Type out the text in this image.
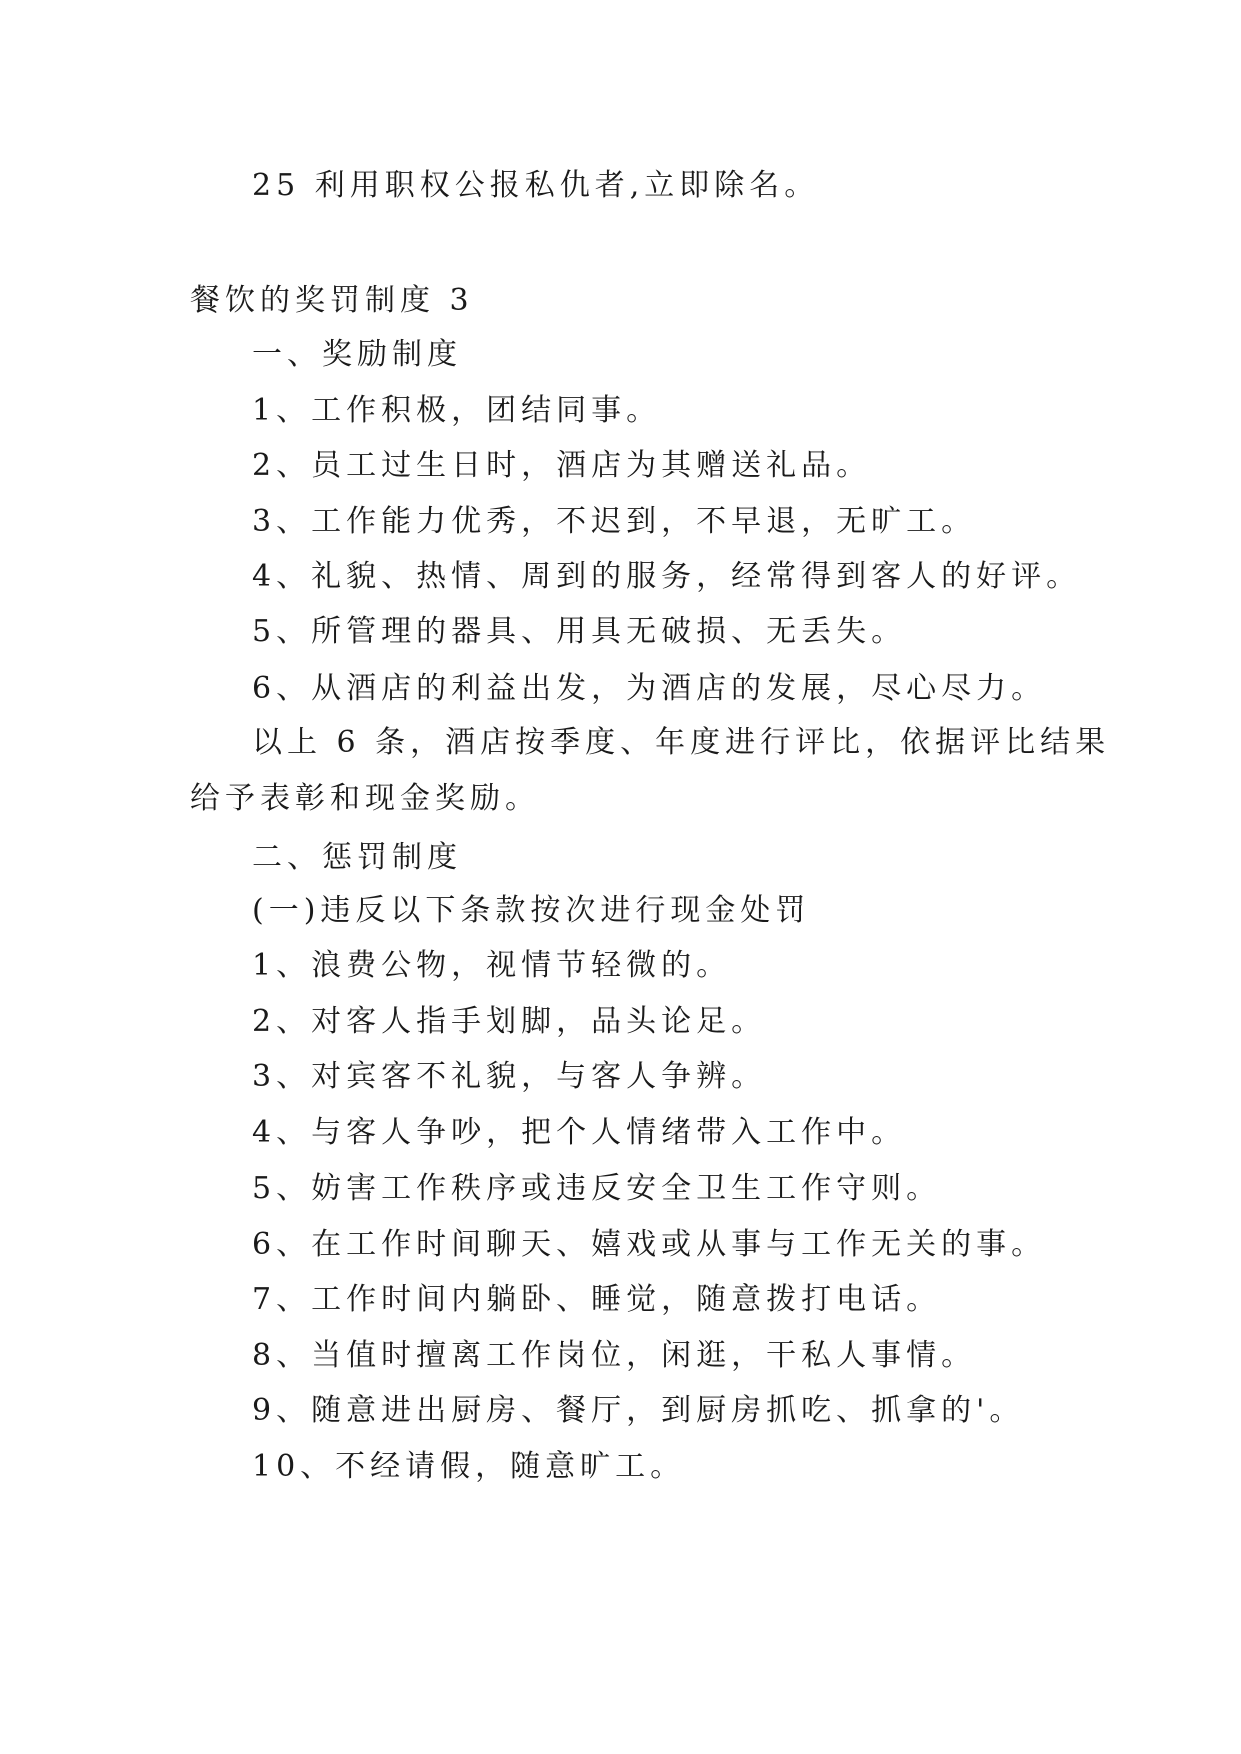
25 利用职权公报私仇者,立即除名。
餐饮的奖罚制度 3
一、奖励制度
1、工作积极，团结同事。
2、员工过生日时，酒店为其赠送礼品。
3、工作能力优秀，不迟到，不早退，无旷工。
4、礼貌、热情、周到的服务，经常得到客人的好评。
5、所管理的器具、用具无破损、无丢失。
6、从酒店的利益出发，为酒店的发展，尽心尽力。
以上 6 条，酒店按季度、年度进行评比，依据评比结果
给予表彰和现金奖励。
二、惩罚制度
(一)违反以下条款按次进行现金处罚
1、浪费公物，视情节轻微的。
2、对客人指手划脚，品头论足。
3、对宾客不礼貌，与客人争辨。
4、与客人争吵，把个人情绪带入工作中。
5、妨害工作秩序或违反安全卫生工作守则。
6、在工作时间聊天、嬉戏或从事与工作无关的事。
7、工作时间内躺卧、睡觉，随意拨打电话。
8、当值时擅离工作岗位，闲逛，干私人事情。
9、随意进出厨房、餐厅，到厨房抓吃、抓拿的'。
10、不经请假，随意旷工。
